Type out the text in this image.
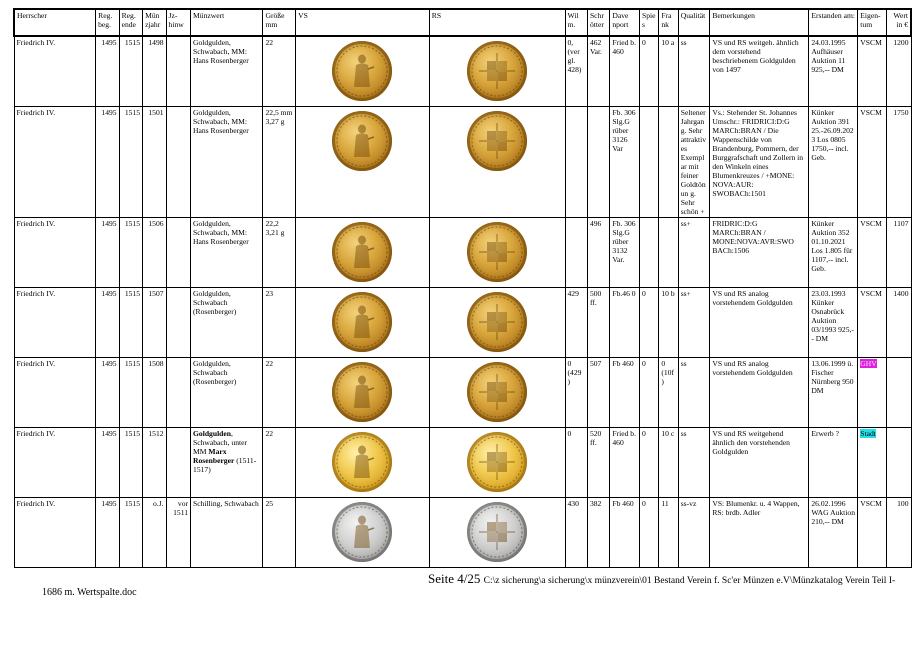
Herrscher	Reg. beg.	Reg. ende	Mün zjahr	Jz-hinw	Münzwert	Größe mm	VS	RS	Wil m.	Schr ötter	Dave nport	Spie s	Fra nk	Qualität	Bemerkungen	Erstanden am:	Eigen-tum	Wert in €
Friedrich IV.	1495	1515	1498		Goldgulden, Schwabach, MM: Hans Rosenberger	22			0, (ver gl. 428)	462 Var.	Fried b. 460	0	10 a	ss	VS und RS weitgeh. ähnlich dem vorstehend beschriebenem Goldgulden von 1497	24.03.1995 Aufhäuser Auktion 11 925,-- DM	VSCM	1200
Friedrich IV.	1495	1515	1501		Goldgulden, Schwabach, MM: Hans Rosenberger	22,5 mm 3,27 g					Fb. 306 Slg.G rüber 3126 Var			Seltener Jahrgang. Sehr attraktives Exemplar mit feiner Goldtönun g. Sehr schön +	Vs.: Stehender St. Johannes Umschr.: FRIDRICI:D:G MARCh:BRAN / Die Wappenschilde von Brandenburg, Pommern, der Burggrafschaft und Zollern in den Winkeln eines Blumenkreuzes / +MONE: NOVA:AUR: SWOBACh:1501	Künker Auktion 391 25.-26.09.2023 Los 0805 1750,-- incl. Geb.	VSCM	1750
Friedrich IV.	1495	1515	1506		Goldgulden, Schwabach, MM: Hans Rosenberger	22,2 3,21 g				496	Fb. 306 Slg.G rüber 3132 Var.			ss+	FRIDRIC:D:G MARCh:BRAN / MONE:NOVA:AVR:SWO BACh:1506	Künker Auktion 352 01.10.2021 Los 1.805 für 1107,-- incl. Geb.	VSCM	1107
Friedrich IV.	1495	1515	1507		Goldgulden, Schwabach (Rosenberger)	23			429	500 ff.	Fb.46 0	0	10 b	ss+	VS und RS analog vorstehendem Goldgulden	23.03.1993 Künker Osnabrück Auktion 03/1993 925,-- DM	VSCM	1400
Friedrich IV.	1495	1515	1508		Goldgulden, Schwabach (Rosenberger)	22			0 (429 )	507	Fb 460	0	0 (10f )	ss	VS und RS analog vorstehendem Goldgulden	13.06.1999 ü. Fischer Nürnberg 950 DM	GHV	
Friedrich IV.	1495	1515	1512		Goldgulden, Schwabach, unter MM Marx Rosenberger (1511-1517)	22			0	520 ff.	Fried b. 460	0	10 c	ss	VS und RS weitgehend ähnlich den vorstehenden Goldgulden	Erwerb ?	Stadt	
Friedrich IV.	1495	1515	o.J.	vor 1511	Schilling, Schwabach	25			430	382	Fb 460	0	11	ss-vz	VS: Blumenkr. u. 4 Wappen, RS: brdb. Adler	26.02.1996 WAG Auktion 210,-- DM	VSCM	100
Seite 4/25 C:\z sicherung\a sicherung\x münzverein\01 Bestand Verein f. Sc'er Münzen e.V\Münzkatalog Verein Teil I-
1686 m. Wertspalte.doc
